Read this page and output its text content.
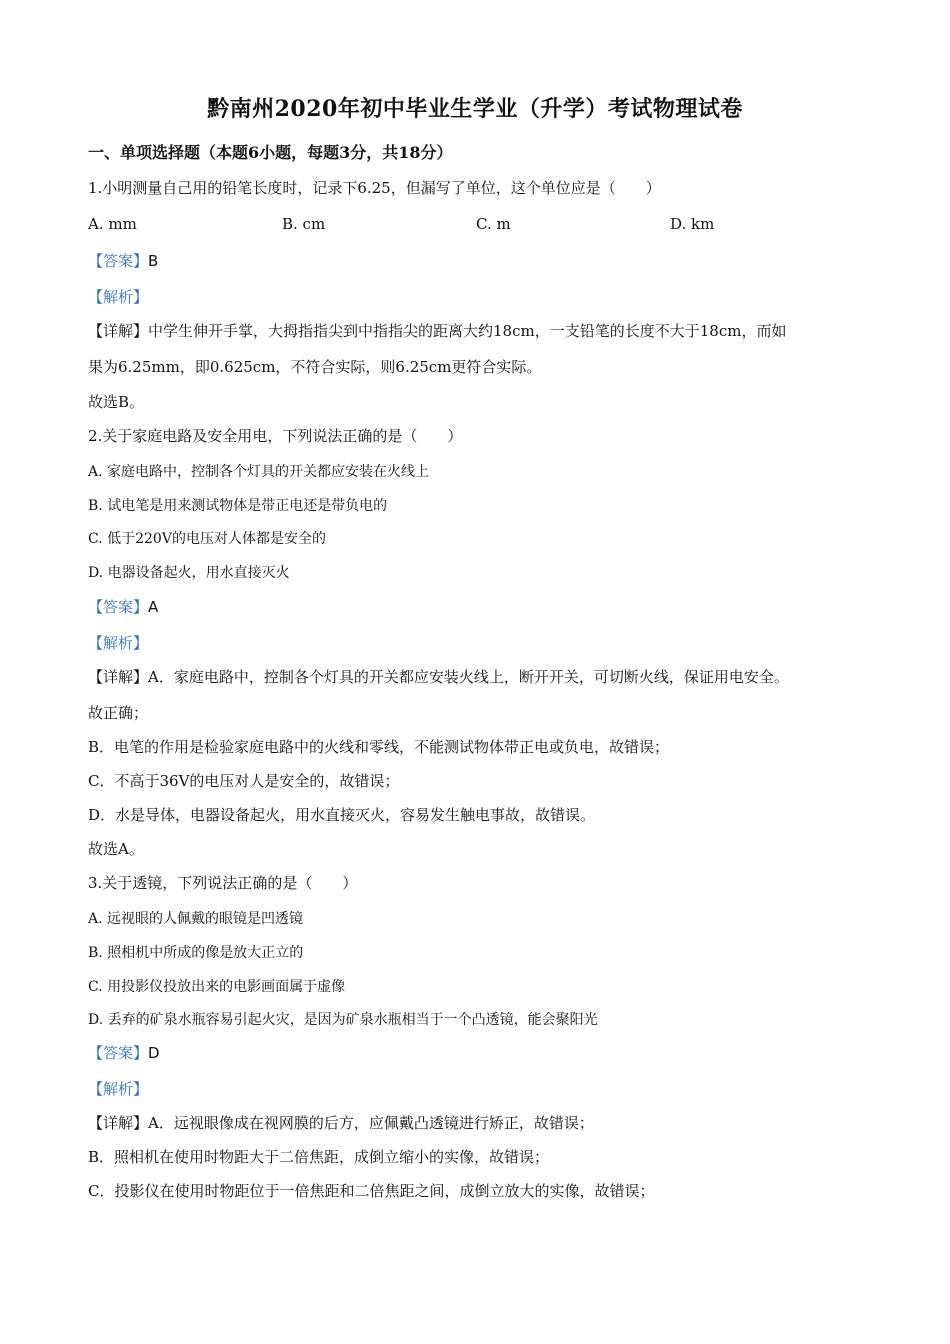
黔南州2020年初中毕业生学业（升学）考试物理试卷
一、单项选择题（本题6小题，每题3分，共18分）
1.小明测量自己用的铅笔长度时，记录下6.25，但漏写了单位，这个单位应是（　　）
A. mm	B. cm	C. m	D. km
【答案】B
【解析】
【详解】中学生伸开手掌，大拇指指尖到中指指尖的距离大约18cm，一支铅笔的长度不大于18cm，而如
果为6.25mm，即0.625cm，不符合实际，则6.25cm更符合实际。
故选B。
2.关于家庭电路及安全用电，下列说法正确的是（　　）
A. 家庭电路中，控制各个灯具的开关都应安装在火线上
B. 试电笔是用来测试物体是带正电还是带负电的
C. 低于220V的电压对人体都是安全的
D. 电器设备起火，用水直接灭火
【答案】A
【解析】
【详解】A．家庭电路中，控制各个灯具的开关都应安装火线上，断开开关，可切断火线，保证用电安全。
故正确；
B．电笔的作用是检验家庭电路中的火线和零线，不能测试物体带正电或负电，故错误；
C．不高于36V的电压对人是安全的，故错误；
D．水是导体，电器设备起火，用水直接灭火，容易发生触电事故，故错误。
故选A。
3.关于透镜，下列说法正确的是（　　）
A. 远视眼的人佩戴的眼镜是凹透镜
B. 照相机中所成的像是放大正立的
C. 用投影仪投放出来的电影画面属于虚像
D. 丢弃的矿泉水瓶容易引起火灾，是因为矿泉水瓶相当于一个凸透镜，能会聚阳光
【答案】D
【解析】
【详解】A．远视眼像成在视网膜的后方，应佩戴凸透镜进行矫正，故错误；
B．照相机在使用时物距大于二倍焦距，成倒立缩小的实像，故错误；
C．投影仪在使用时物距位于一倍焦距和二倍焦距之间，成倒立放大的实像，故错误；
